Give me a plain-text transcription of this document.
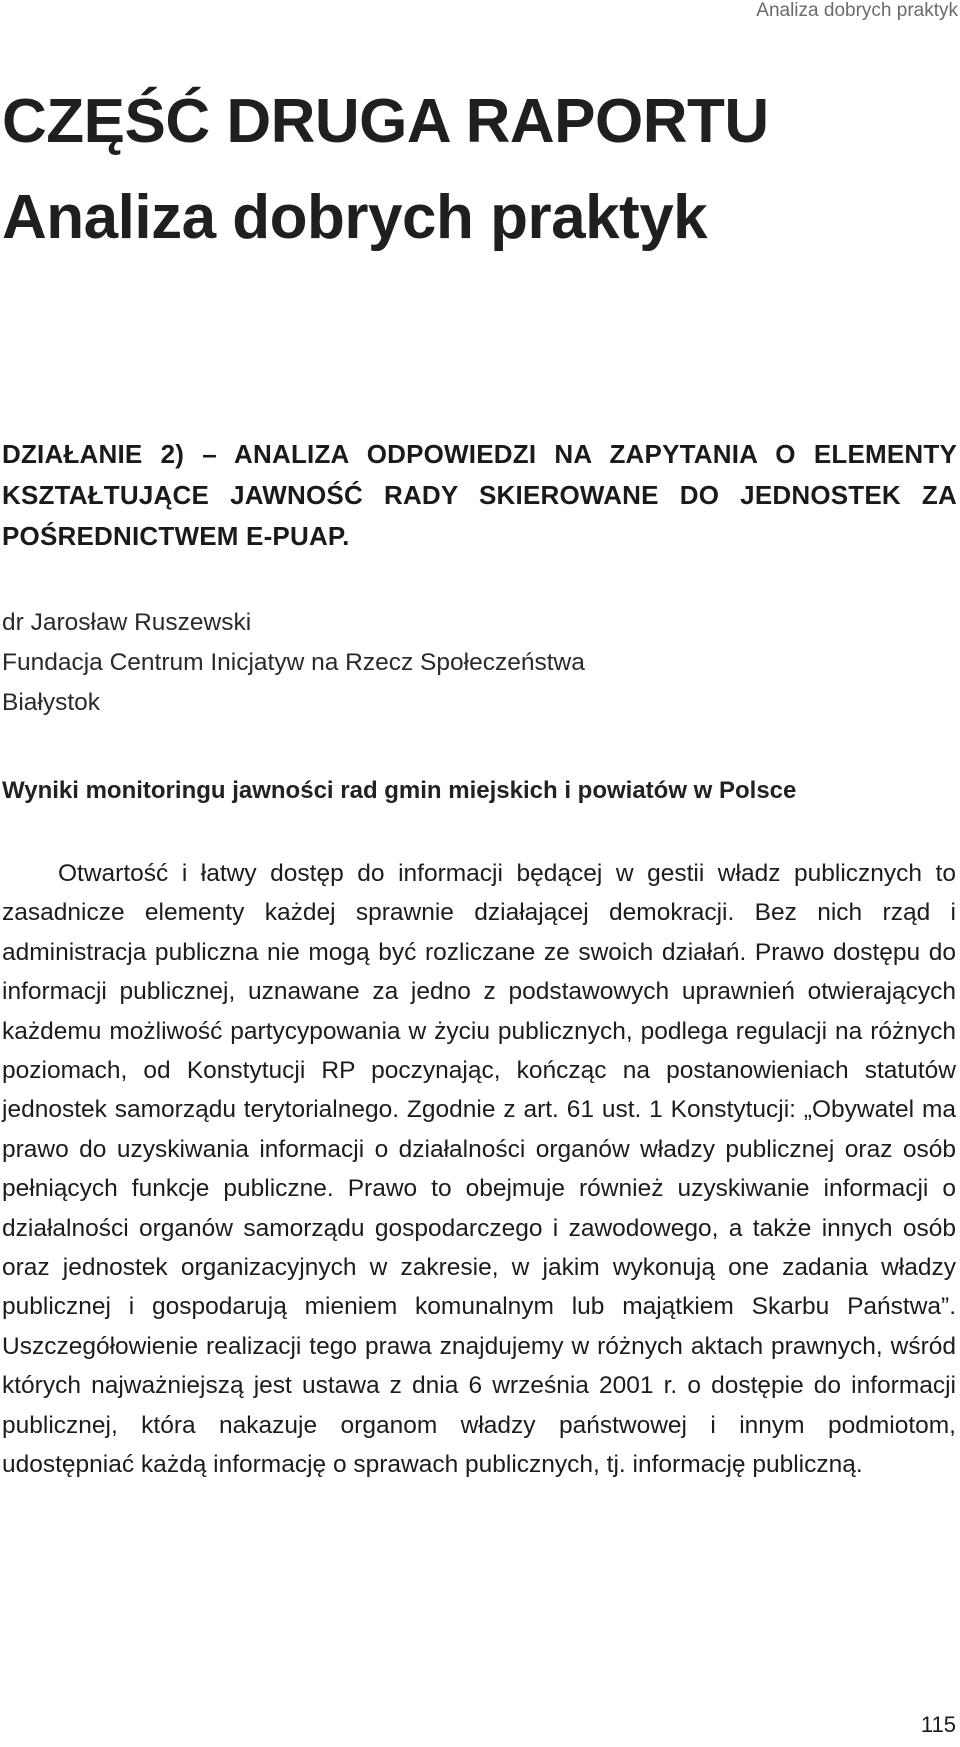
Analiza dobrych praktyk
CZĘŚĆ DRUGA RAPORTU
Analiza dobrych praktyk
DZIAŁANIE 2) – ANALIZA ODPOWIEDZI NA ZAPYTANIA O ELEMENTY KSZTAŁTUJĄCE JAWNOŚĆ RADY SKIEROWANE DO JEDNOSTEK ZA POŚREDNICTWEM E-PUAP.
dr Jarosław Ruszewski
Fundacja Centrum Inicjatyw na Rzecz Społeczeństwa
Białystok
Wyniki monitoringu jawności rad gmin miejskich i powiatów w Polsce
Otwartość i łatwy dostęp do informacji będącej w gestii władz publicznych to zasadnicze elementy każdej sprawnie działającej demokracji. Bez nich rząd i administracja publiczna nie mogą być rozliczane ze swoich działań. Prawo dostępu do informacji publicznej, uznawane za jedno z podstawowych uprawnień otwierających każdemu możliwość partycypowania w życiu publicznych, podlega regulacji na różnych poziomach, od Konstytucji RP poczynając, kończąc na postanowieniach statutów jednostek samorządu terytorialnego. Zgodnie z art. 61 ust. 1 Konstytucji: „Obywatel ma prawo do uzyskiwania informacji o działalności organów władzy publicznej oraz osób pełniących funkcje publiczne. Prawo to obejmuje również uzyskiwanie informacji o działalności organów samorządu gospodarczego i zawodowego, a także innych osób oraz jednostek organizacyjnych w zakresie, w jakim wykonują one zadania władzy publicznej i gospodarują mieniem komunalnym lub majątkiem Skarbu Państwa”. Uszczegółowienie realizacji tego prawa znajdujemy w różnych aktach prawnych, wśród których najważniejszą jest ustawa z dnia 6 września 2001 r. o dostępie do informacji publicznej, która nakazuje organom władzy państwowej i innym podmiotom, udostępniać każdą informację o sprawach publicznych, tj. informację publiczną.
115
